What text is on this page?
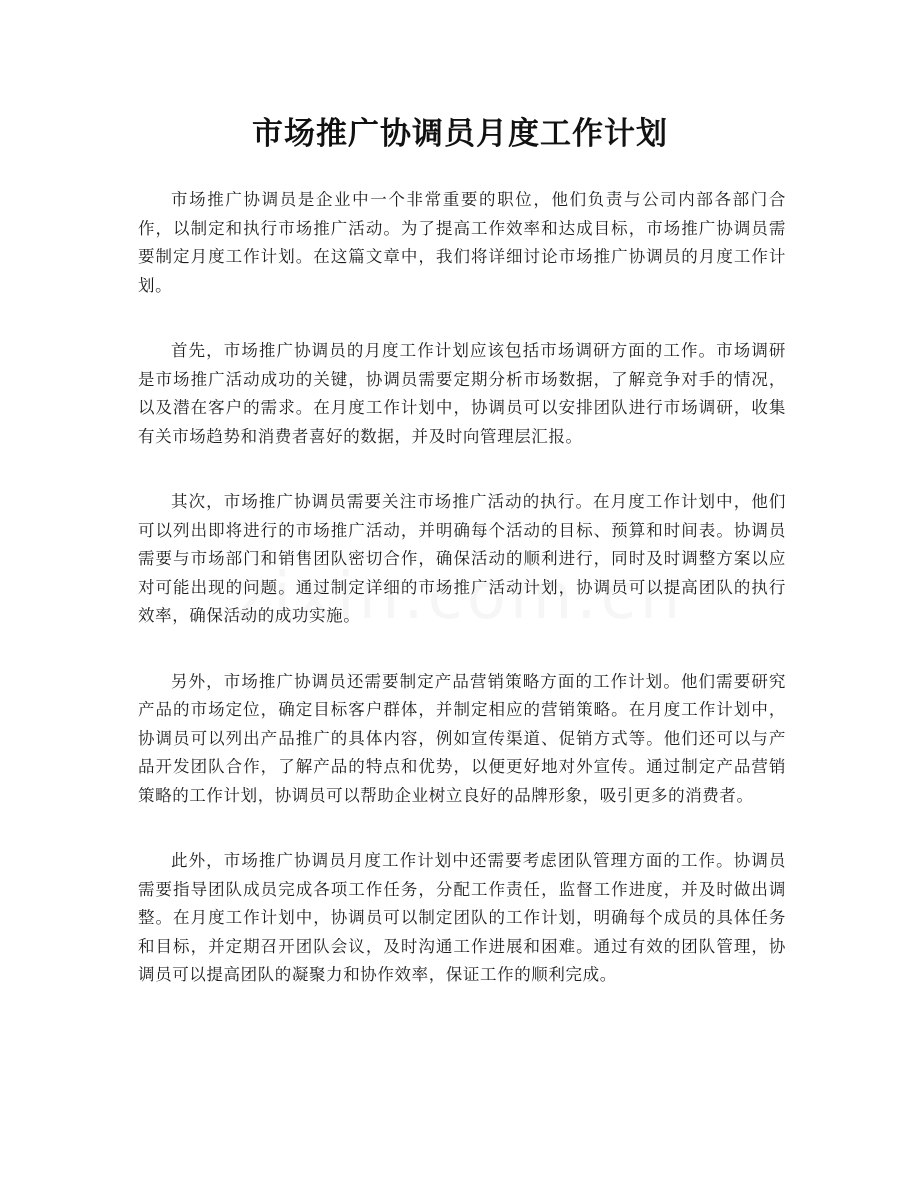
市场推广协调员月度工作计划

市场推广协调员是企业中一个非常重要的职位，他们负责与公司内部各部门合作，以制定和执行市场推广活动。为了提高工作效率和达成目标，市场推广协调员需要制定月度工作计划。在这篇文章中，我们将详细讨论市场推广协调员的月度工作计划。

首先，市场推广协调员的月度工作计划应该包括市场调研方面的工作。市场调研是市场推广活动成功的关键，协调员需要定期分析市场数据，了解竞争对手的情况，以及潜在客户的需求。在月度工作计划中，协调员可以安排团队进行市场调研，收集有关市场趋势和消费者喜好的数据，并及时向管理层汇报。

其次，市场推广协调员需要关注市场推广活动的执行。在月度工作计划中，他们可以列出即将进行的市场推广活动，并明确每个活动的目标、预算和时间表。协调员需要与市场部门和销售团队密切合作，确保活动的顺利进行，同时及时调整方案以应对可能出现的问题。通过制定详细的市场推广活动计划，协调员可以提高团队的执行效率，确保活动的成功实施。

另外，市场推广协调员还需要制定产品营销策略方面的工作计划。他们需要研究产品的市场定位，确定目标客户群体，并制定相应的营销策略。在月度工作计划中，协调员可以列出产品推广的具体内容，例如宣传渠道、促销方式等。他们还可以与产品开发团队合作，了解产品的特点和优势，以便更好地对外宣传。通过制定产品营销策略的工作计划，协调员可以帮助企业树立良好的品牌形象，吸引更多的消费者。

此外，市场推广协调员月度工作计划中还需要考虑团队管理方面的工作。协调员需要指导团队成员完成各项工作任务，分配工作责任，监督工作进度，并及时做出调整。在月度工作计划中，协调员可以制定团队的工作计划，明确每个成员的具体任务和目标，并定期召开团队会议，及时沟通工作进展和困难。通过有效的团队管理，协调员可以提高团队的凝聚力和协作效率，保证工作的顺利完成。
